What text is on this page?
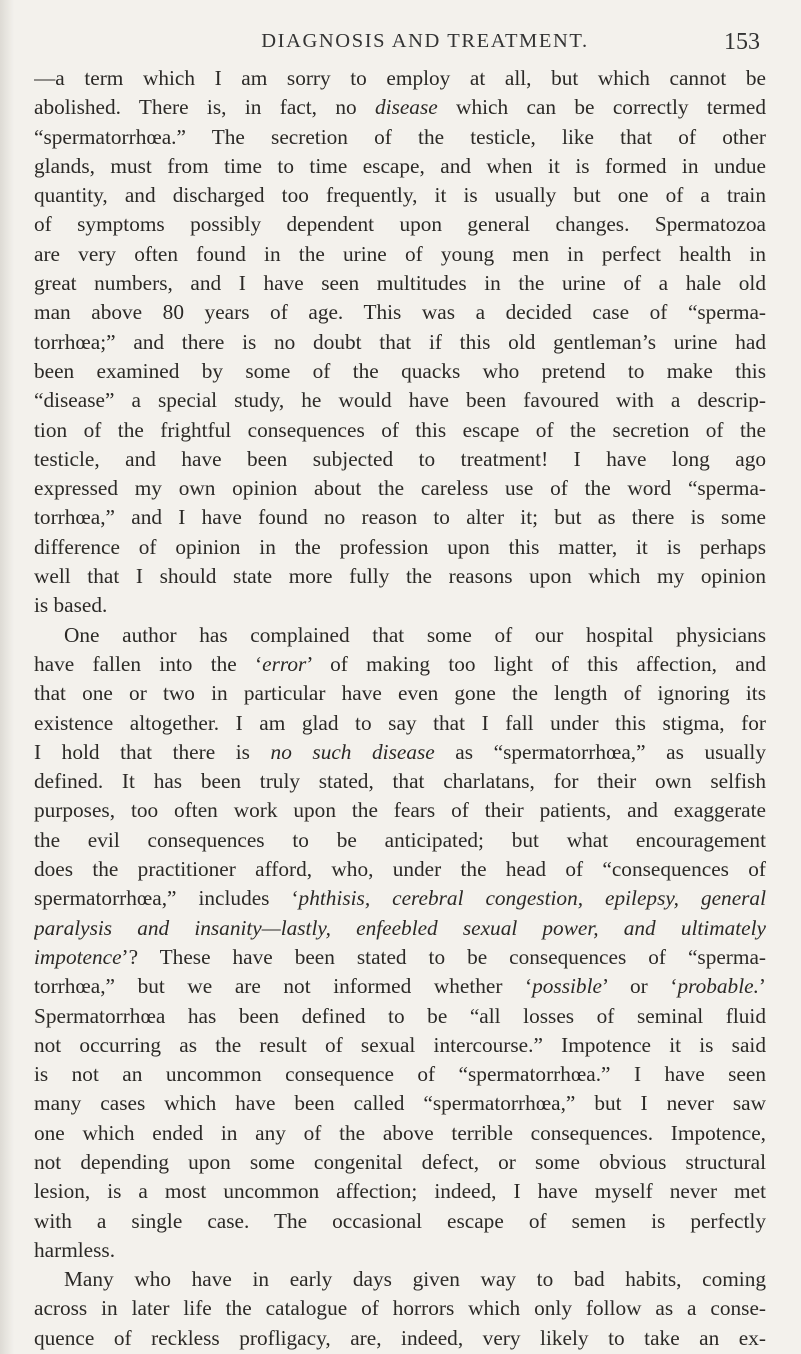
DIAGNOSIS AND TREATMENT.	153
—a term which I am sorry to employ at all, but which cannot be
abolished. There is, in fact, no disease which can be correctly termed
“spermatorrhœa.” The secretion of the testicle, like that of other
glands, must from time to time escape, and when it is formed in undue
quantity, and discharged too frequently, it is usually but one of a train
of symptoms possibly dependent upon general changes. Spermatozoa
are very often found in the urine of young men in perfect health in
great numbers, and I have seen multitudes in the urine of a hale old
man above 80 years of age. This was a decided case of “sperma-
torrhœa;” and there is no doubt that if this old gentleman’s urine had
been examined by some of the quacks who pretend to make this
“disease” a special study, he would have been favoured with a descrip-
tion of the frightful consequences of this escape of the secretion of the
testicle, and have been subjected to treatment! I have long ago
expressed my own opinion about the careless use of the word “sperma-
torrhœa,” and I have found no reason to alter it; but as there is some
difference of opinion in the profession upon this matter, it is perhaps
well that I should state more fully the reasons upon which my opinion
is based.
One author has complained that some of our hospital physicians
have fallen into the ‘error’ of making too light of this affection, and
that one or two in particular have even gone the length of ignoring its
existence altogether. I am glad to say that I fall under this stigma, for
I hold that there is no such disease as “spermatorrhœa,” as usually
defined. It has been truly stated, that charlatans, for their own selfish
purposes, too often work upon the fears of their patients, and exaggerate
the evil consequences to be anticipated; but what encouragement
does the practitioner afford, who, under the head of “consequences of
spermatorrhœa,” includes ‘phthisis, cerebral congestion, epilepsy, general
paralysis and insanity—lastly, enfeebled sexual power, and ultimately
impotence’? These have been stated to be consequences of “sperma-
torrhœa,” but we are not informed whether ‘possible’ or ‘probable.’
Spermatorrhœa has been defined to be “all losses of seminal fluid
not occurring as the result of sexual intercourse.” Impotence it is said
is not an uncommon consequence of “spermatorrhœa.” I have seen
many cases which have been called “spermatorrhœa,” but I never saw
one which ended in any of the above terrible consequences. Impotence,
not depending upon some congenital defect, or some obvious structural
lesion, is a most uncommon affection; indeed, I have myself never met
with a single case. The occasional escape of semen is perfectly
harmless.
Many who have in early days given way to bad habits, coming
across in later life the catalogue of horrors which only follow as a conse-
quence of reckless profligacy, are, indeed, very likely to take an ex-
